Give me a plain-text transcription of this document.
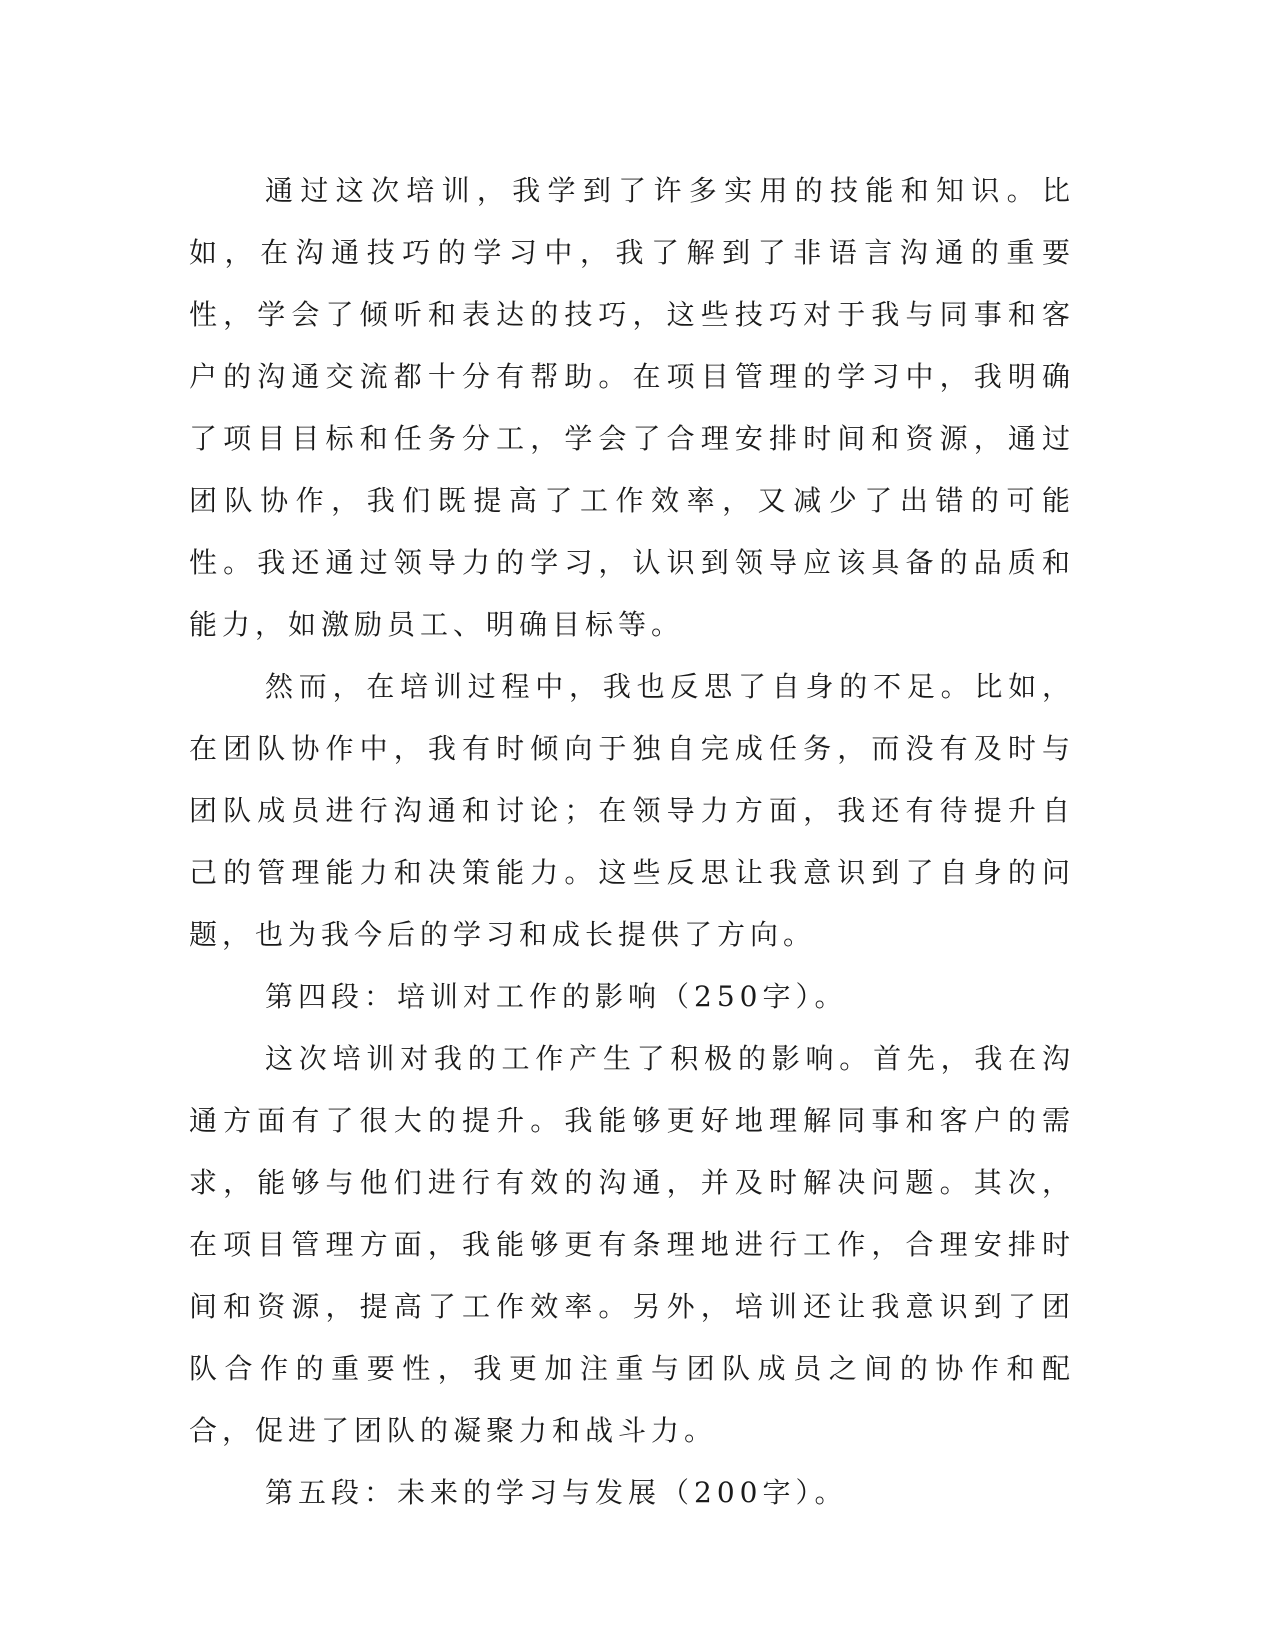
通过这次培训，我学到了许多实用的技能和知识。比如，在沟通技巧的学习中，我了解到了非语言沟通的重要性，学会了倾听和表达的技巧，这些技巧对于我与同事和客户的沟通交流都十分有帮助。在项目管理的学习中，我明确了项目目标和任务分工，学会了合理安排时间和资源，通过团队协作，我们既提高了工作效率，又减少了出错的可能性。我还通过领导力的学习，认识到领导应该具备的品质和能力，如激励员工、明确目标等。

然而，在培训过程中，我也反思了自身的不足。比如，在团队协作中，我有时倾向于独自完成任务，而没有及时与团队成员进行沟通和讨论；在领导力方面，我还有待提升自己的管理能力和决策能力。这些反思让我意识到了自身的问题，也为我今后的学习和成长提供了方向。

第四段：培训对工作的影响（250字）。

这次培训对我的工作产生了积极的影响。首先，我在沟通方面有了很大的提升。我能够更好地理解同事和客户的需求，能够与他们进行有效的沟通，并及时解决问题。其次，在项目管理方面，我能够更有条理地进行工作，合理安排时间和资源，提高了工作效率。另外，培训还让我意识到了团队合作的重要性，我更加注重与团队成员之间的协作和配合，促进了团队的凝聚力和战斗力。

第五段：未来的学习与发展（200字）。
